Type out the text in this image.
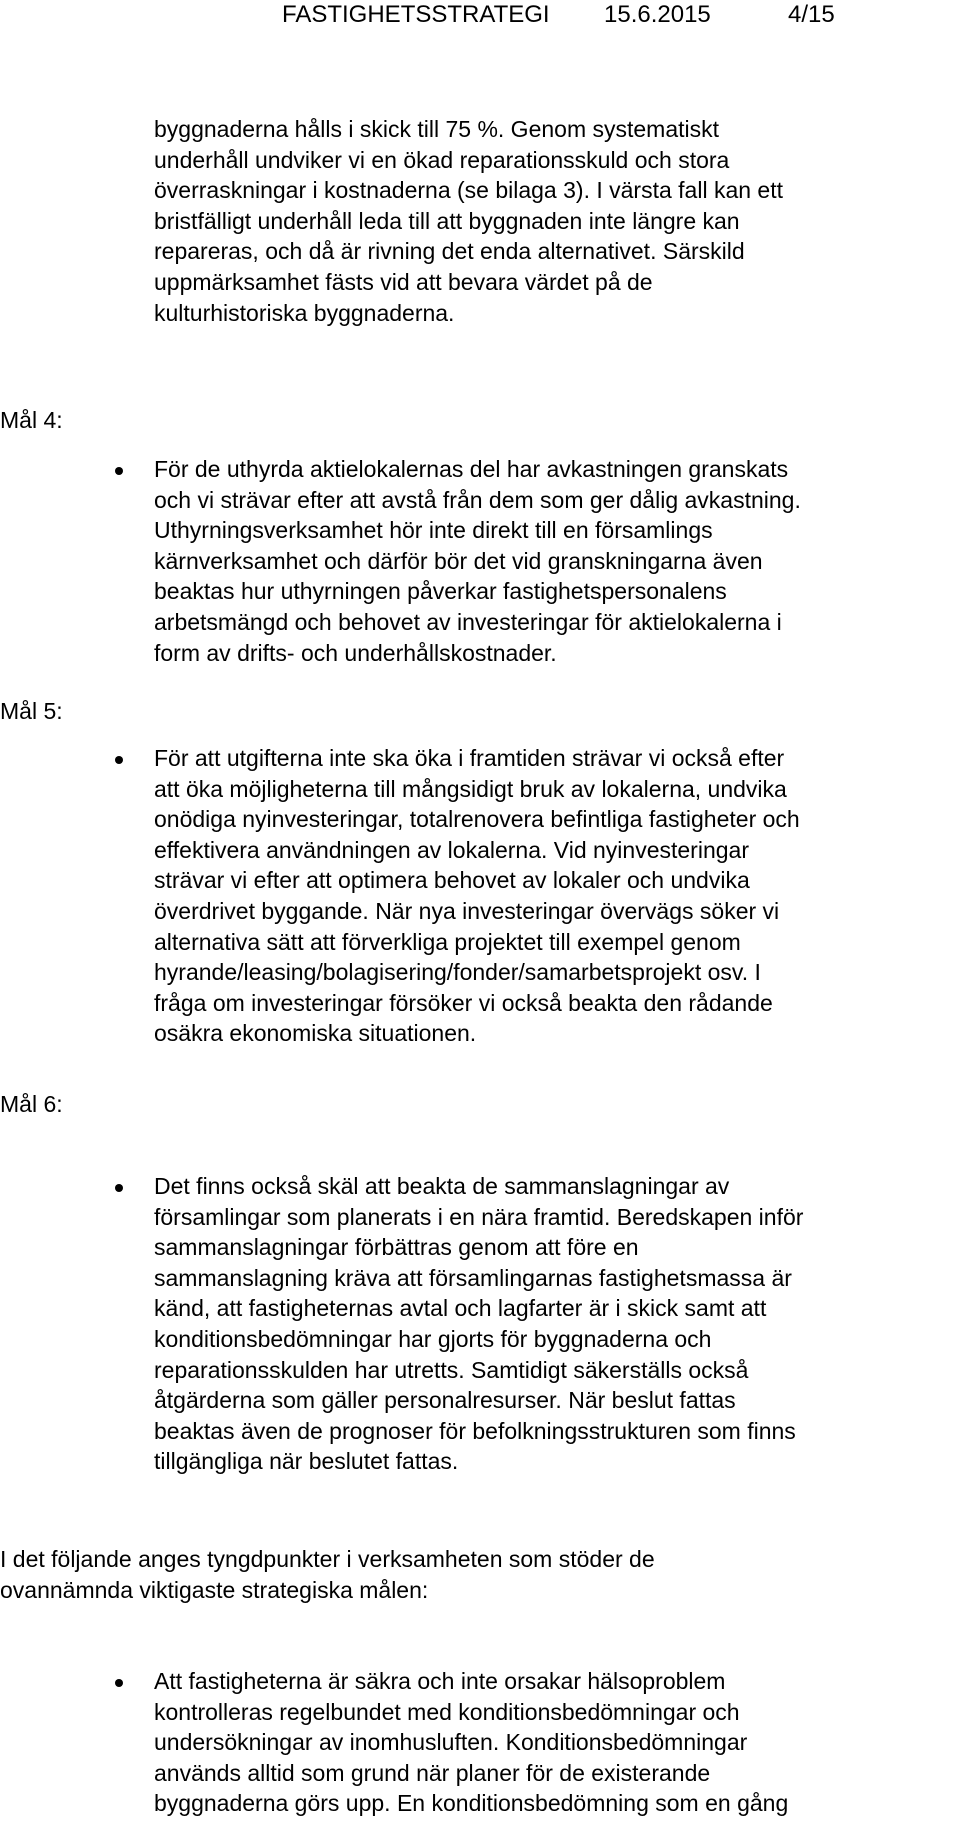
FASTIGHETSSTRATEGI 15.6.2015	4/15
byggnaderna hålls i skick till 75 %. Genom systematiskt
underhåll undviker vi en ökad reparationsskuld och stora
överraskningar i kostnaderna (se bilaga 3). I värsta fall kan ett
bristfälligt underhåll leda till att byggnaden inte längre kan
repareras, och då är rivning det enda alternativet. Särskild
uppmärksamhet fästs vid att bevara värdet på de
kulturhistoriska byggnaderna.
Mål 4:
Mål 5:
Mål 6:
För de uthyrda aktielokalernas del har avkastningen granskats
och vi strävar efter att avstå från dem som ger dålig avkastning.
Uthyrningsverksamhet hör inte direkt till en församlings
kärnverksamhet och därför bör det vid granskningarna även
beaktas hur uthyrningen påverkar fastighetspersonalens
arbetsmängd och behovet av investeringar för aktielokalerna i
form av drifts- och underhållskostnader.
För att utgifterna inte ska öka i framtiden strävar vi också efter
att öka möjligheterna till mångsidigt bruk av lokalerna, undvika
onödiga nyinvesteringar, totalrenovera befintliga fastigheter och
effektivera användningen av lokalerna. Vid nyinvesteringar
strävar vi efter att optimera behovet av lokaler och undvika
överdrivet byggande. När nya investeringar övervägs söker vi
alternativa sätt att förverkliga projektet till exempel genom
hyrande/leasing/bolagisering/fonder/samarbetsprojekt osv. I
fråga om investeringar försöker vi också beakta den rådande
osäkra ekonomiska situationen.
Det finns också skäl att beakta de sammanslagningar av
församlingar som planerats i en nära framtid. Beredskapen inför
sammanslagningar förbättras genom att före en
sammanslagning kräva att församlingarnas fastighetsmassa är
känd, att fastigheternas avtal och lagfarter är i skick samt att
konditionsbedömningar har gjorts för byggnaderna och
reparationsskulden har utretts. Samtidigt säkerställs också
åtgärderna som gäller personalresurser. När beslut fattas
beaktas även de prognoser för befolkningsstrukturen som finns
tillgängliga när beslutet fattas.
I det följande anges tyngdpunkter i verksamheten som stöder de
ovannämnda viktigaste strategiska målen:
Att fastigheterna är säkra och inte orsakar hälsoproblem
kontrolleras regelbundet med konditionsbedömningar och
undersökningar av inomhusluften. Konditionsbedömningar
används alltid som grund när planer för de existerande
byggnaderna görs upp. En konditionsbedömning som en gång
